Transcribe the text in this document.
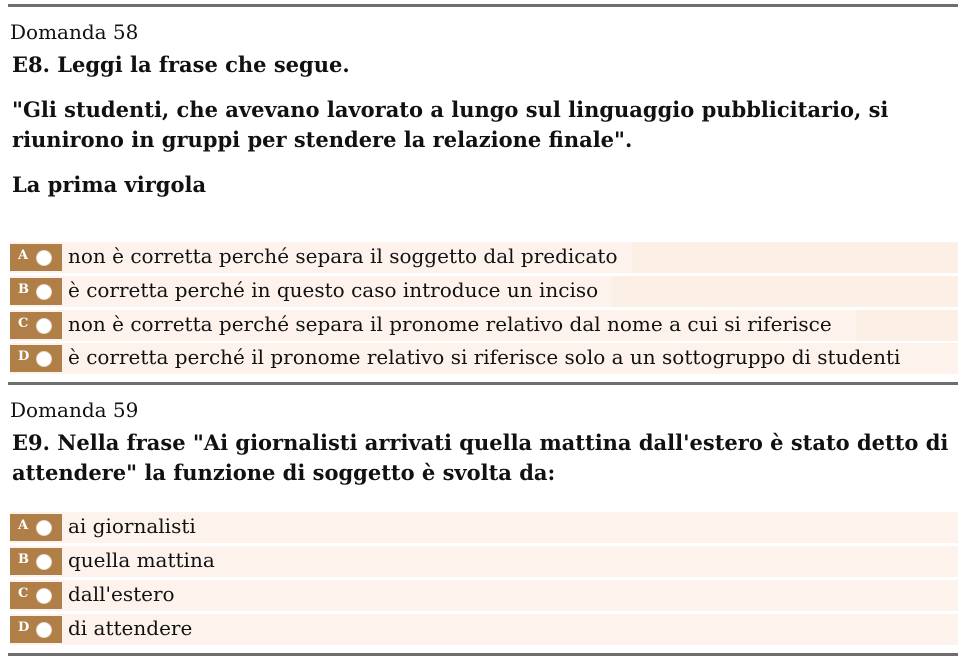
Domanda 58
E8. Leggi la frase che segue.
"Gli studenti, che avevano lavorato a lungo sul linguaggio pubblicitario, si riunirono in gruppi per stendere la relazione finale".
La prima virgola
A non è corretta perché separa il soggetto dal predicato
B è corretta perché in questo caso introduce un inciso
C non è corretta perché separa il pronome relativo dal nome a cui si riferisce
D è corretta perché il pronome relativo si riferisce solo a un sottogruppo di studenti
Domanda 59
E9. Nella frase "Ai giornalisti arrivati quella mattina dall'estero è stato detto di attendere" la funzione di soggetto è svolta da:
A ai giornalisti
B quella mattina
C dall'estero
D di attendere
